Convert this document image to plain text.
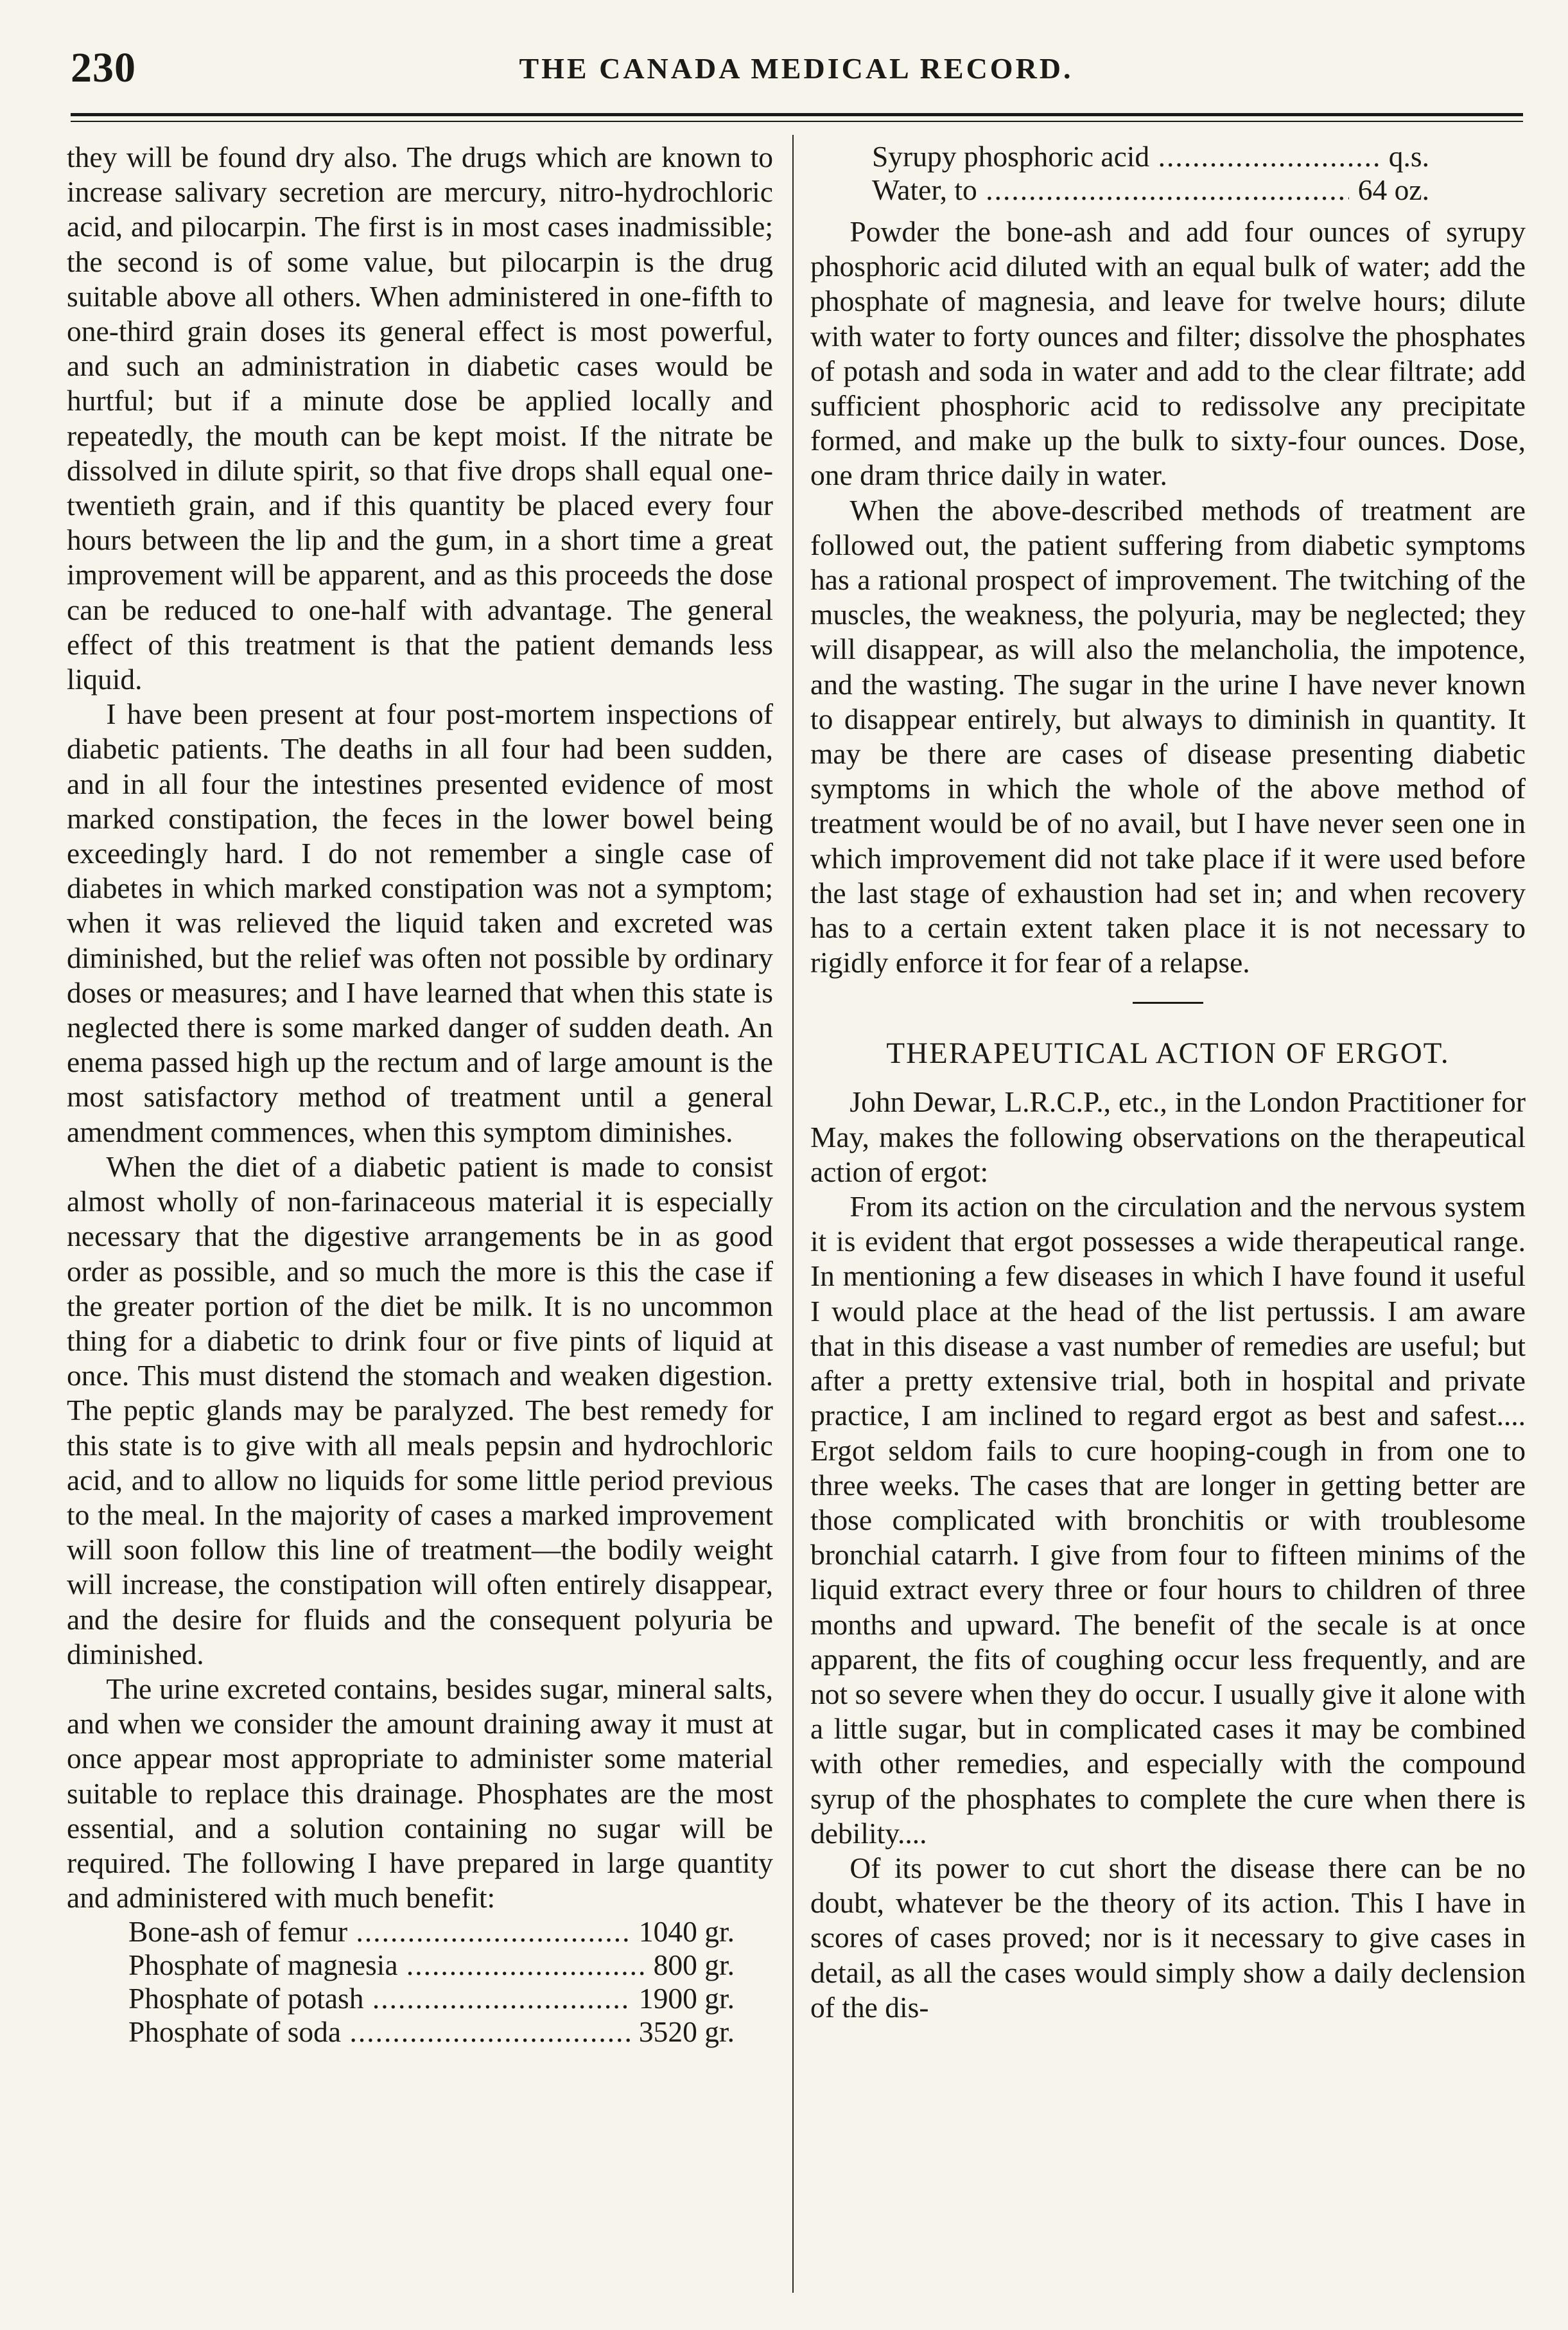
230	THE CANADA MEDICAL RECORD.

they will be found dry also. The drugs which are known to increase salivary secretion are mercury, nitro-hydrochloric acid, and pilocarpin. The first is in most cases inadmissible; the second is of some value, but pilocarpin is the drug suitable above all others. When administered in one-fifth to one-third grain doses its general effect is most powerful, and such an administration in diabetic cases would be hurtful; but if a minute dose be applied locally and repeatedly, the mouth can be kept moist. If the nitrate be dissolved in dilute spirit, so that five drops shall equal one-twentieth grain, and if this quantity be placed every four hours between the lip and the gum, in a short time a great improvement will be apparent, and as this proceeds the dose can be reduced to one-half with advantage. The general effect of this treatment is that the patient demands less liquid.

I have been present at four post-mortem inspections of diabetic patients. The deaths in all four had been sudden, and in all four the intestines presented evidence of most marked constipation, the feces in the lower bowel being exceedingly hard. I do not remember a single case of diabetes in which marked constipation was not a symptom; when it was relieved the liquid taken and excreted was diminished, but the relief was often not possible by ordinary doses or measures; and I have learned that when this state is neglected there is some marked danger of sudden death. An enema passed high up the rectum and of large amount is the most satisfactory method of treatment until a general amendment commences, when this symptom diminishes.

When the diet of a diabetic patient is made to consist almost wholly of non-farinaceous material it is especially necessary that the digestive arrangements be in as good order as possible, and so much the more is this the case if the greater portion of the diet be milk. It is no uncommon thing for a diabetic to drink four or five pints of liquid at once. This must distend the stomach and weaken digestion. The peptic glands may be paralyzed. The best remedy for this state is to give with all meals pepsin and hydrochloric acid, and to allow no liquids for some little period previous to the meal. In the majority of cases a marked improvement will soon follow this line of treatment—the bodily weight will increase, the constipation will often entirely disappear, and the desire for fluids and the consequent polyuria be diminished.

The urine excreted contains, besides sugar, mineral salts, and when we consider the amount draining away it must at once appear most appropriate to administer some material suitable to replace this drainage. Phosphates are the most essential, and a solution containing no sugar will be required. The following I have prepared in large quantity and administered with much benefit:

Bone-ash of femur .....	1040 gr.
Phosphate of magnesia .....	800 gr.
Phosphate of potash .....	1900 gr.
Phosphate of soda .....	3520 gr.
Syrupy phosphoric acid .....	q.s.
Water, to .....	64 oz.

Powder the bone-ash and add four ounces of syrupy phosphoric acid diluted with an equal bulk of water; add the phosphate of magnesia, and leave for twelve hours; dilute with water to forty ounces and filter; dissolve the phosphates of potash and soda in water and add to the clear filtrate; add sufficient phosphoric acid to redissolve any precipitate formed, and make up the bulk to sixty-four ounces. Dose, one dram thrice daily in water.

When the above-described methods of treatment are followed out, the patient suffering from diabetic symptoms has a rational prospect of improvement. The twitching of the muscles, the weakness, the polyuria, may be neglected; they will disappear, as will also the melancholia, the impotence, and the wasting. The sugar in the urine I have never known to disappear entirely, but always to diminish in quantity. It may be there are cases of disease presenting diabetic symptoms in which the whole of the above method of treatment would be of no avail, but I have never seen one in which improvement did not take place if it were used before the last stage of exhaustion had set in; and when recovery has to a certain extent taken place it is not necessary to rigidly enforce it for fear of a relapse.

THERAPEUTICAL ACTION OF ERGOT.

John Dewar, L.R.C.P., etc., in the London Practitioner for May, makes the following observations on the therapeutical action of ergot:

From its action on the circulation and the nervous system it is evident that ergot possesses a wide therapeutical range. In mentioning a few diseases in which I have found it useful I would place at the head of the list pertussis. I am aware that in this disease a vast number of remedies are useful; but after a pretty extensive trial, both in hospital and private practice, I am inclined to regard ergot as best and safest.... Ergot seldom fails to cure hooping-cough in from one to three weeks. The cases that are longer in getting better are those complicated with bronchitis or with troublesome bronchial catarrh. I give from four to fifteen minims of the liquid extract every three or four hours to children of three months and upward. The benefit of the secale is at once apparent, the fits of coughing occur less frequently, and are not so severe when they do occur. I usually give it alone with a little sugar, but in complicated cases it may be combined with other remedies, and especially with the compound syrup of the phosphates to complete the cure when there is debility....

Of its power to cut short the disease there can be no doubt, whatever be the theory of its action. This I have in scores of cases proved; nor is it necessary to give cases in detail, as all the cases would simply show a daily declension of the dis-
